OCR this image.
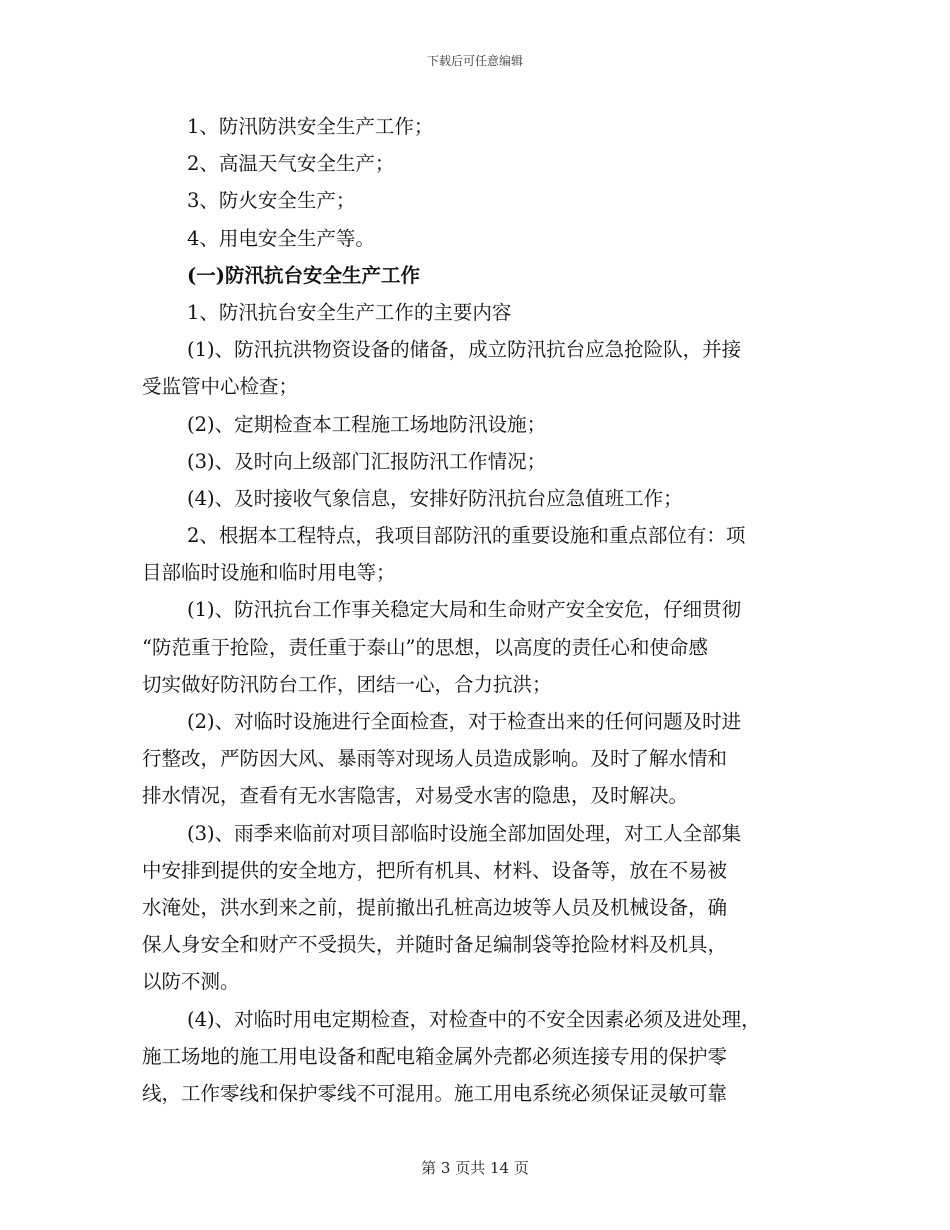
下载后可任意编辑
1、防汛防洪安全生产工作；
2、高温天气安全生产；
3、防火安全生产；
4、用电安全生产等。
(一)防汛抗台安全生产工作
1、防汛抗台安全生产工作的主要内容
(1)、防汛抗洪物资设备的储备，成立防汛抗台应急抢险队，并接
受监管中心检查；
(2)、定期检查本工程施工场地防汛设施；
(3)、及时向上级部门汇报防汛工作情况；
(4)、及时接收气象信息，安排好防汛抗台应急值班工作；
2、根据本工程特点，我项目部防汛的重要设施和重点部位有：项
目部临时设施和临时用电等；
(1)、防汛抗台工作事关稳定大局和生命财产安全安危，仔细贯彻
“防范重于抢险，责任重于泰山”的思想，以高度的责任心和使命感
切实做好防汛防台工作，团结一心，合力抗洪；
(2)、对临时设施进行全面检查，对于检查出来的任何问题及时进
行整改，严防因大风、暴雨等对现场人员造成影响。及时了解水情和
排水情况，查看有无水害隐害，对易受水害的隐患，及时解决。
(3)、雨季来临前对项目部临时设施全部加固处理，对工人全部集
中安排到提供的安全地方，把所有机具、材料、设备等，放在不易被
水淹处，洪水到来之前，提前撤出孔桩高边坡等人员及机械设备，确
保人身安全和财产不受损失，并随时备足编制袋等抢险材料及机具，
以防不测。
(4)、对临时用电定期检查，对检查中的不安全因素必须及进处理，
施工场地的施工用电设备和配电箱金属外壳都必须连接专用的保护零
线，工作零线和保护零线不可混用。施工用电系统必须保证灵敏可靠
第 3 页共 14 页
